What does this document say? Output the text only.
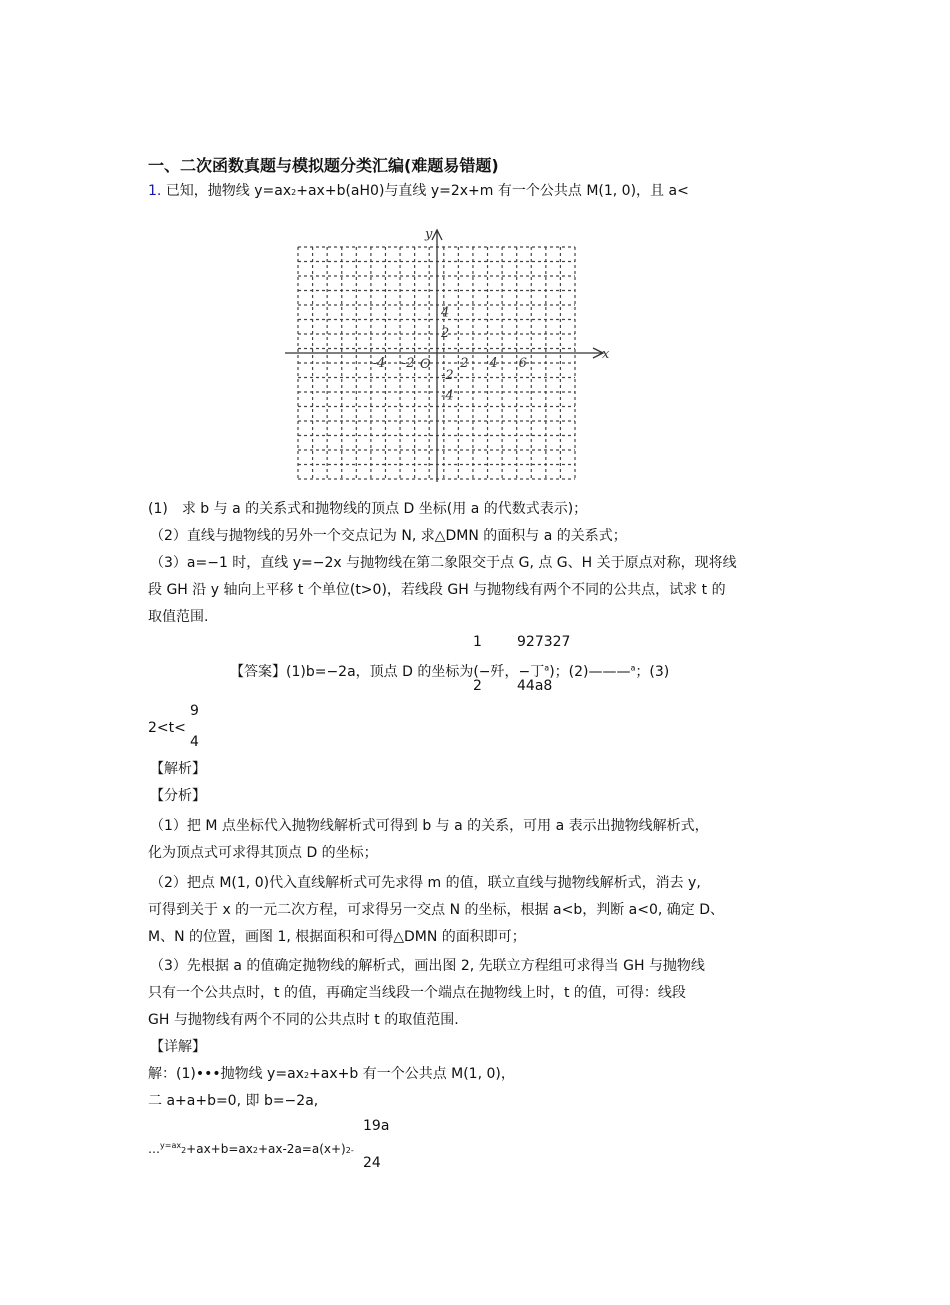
一、二次函数真题与模拟题分类汇编(难题易错题)
1. 已知，抛物线 y=ax2+ax+b(aH0)与直线 y=2x+m 有一个公共点 M(1, 0)，且 a<
y
x
O
-4 -2	2 4 6
4
2
-2
-4
(1)　求 b 与 a 的关系式和抛物线的顶点 D 坐标(用 a 的代数式表示)；
（2）直线与抛物线的另外一个交点记为 N, 求△DMN 的面积与 a 的关系式；
（3）a=−1 时，直线 y=−2x 与抛物线在第二象限交于点 G, 点 G、H 关于原点对称，现将线
段 GH 沿 y 轴向上平移 t 个单位(t>0)，若线段 GH 与抛物线有两个不同的公共点，试求 t 的
取值范围.
1	927327
【答案】(1)b=−2a，顶点 D 的坐标为(−歼，−丁$^a$)；(2)———$^a$；(3)
2	44a8
9
2<t<
4
【解析】
【分析】
（1）把 M 点坐标代入抛物线解析式可得到 b 与 a 的关系，可用 a 表示出抛物线解析式，
化为顶点式可求得其顶点 D 的坐标；
（2）把点 M(1, 0)代入直线解析式可先求得 m 的值，联立直线与抛物线解析式，消去 y,
可得到关于 x 的一元二次方程，可求得另一交点 N 的坐标，根据 a<b，判断 a<0, 确定 D、
M、N 的位置，画图 1, 根据面积和可得△DMN 的面积即可；
（3）先根据 a 的值确定抛物线的解析式，画出图 2, 先联立方程组可求得当 GH 与抛物线
只有一个公共点时，t 的值，再确定当线段一个端点在抛物线上时，t 的值，可得：线段
GH 与抛物线有两个不同的公共点时 t 的取值范围.
【详解】
解：(1)•••抛物线 y=ax2+ax+b 有一个公共点 M(1, 0)，
二 a+a+b=0, 即 b=−2a,
19a
…$^{y=ax}$2+ax+b=ax2+ax-2a=a(x+)2-
24
